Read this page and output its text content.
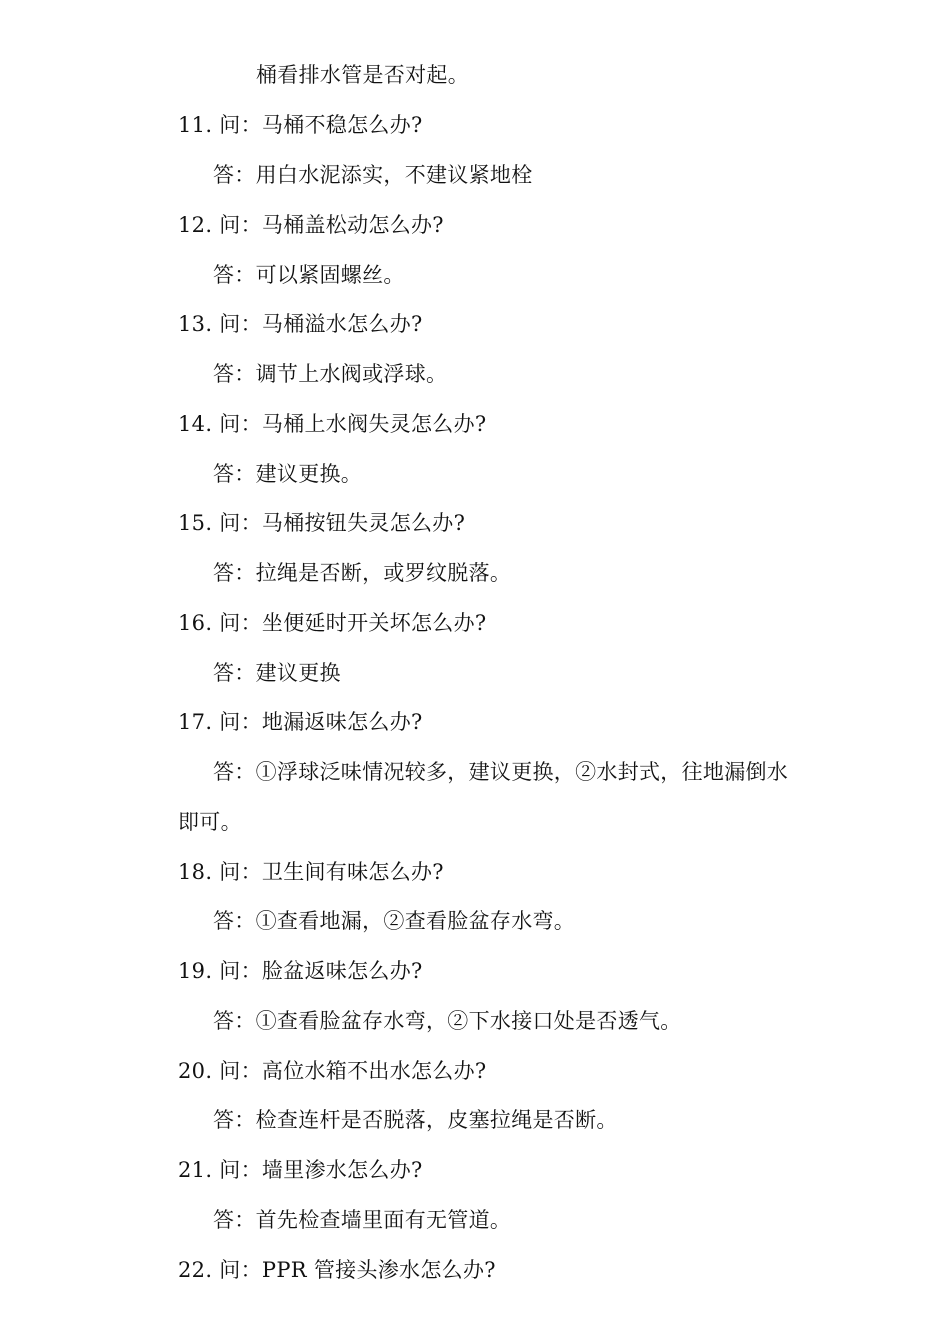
桶看排水管是否对起。
11. 问：马桶不稳怎么办?
答：用白水泥添实，不建议紧地栓
12. 问：马桶盖松动怎么办?
答：可以紧固螺丝。
13. 问：马桶溢水怎么办?
答：调节上水阀或浮球。
14. 问：马桶上水阀失灵怎么办?
答：建议更换。
15. 问：马桶按钮失灵怎么办?
答：拉绳是否断，或罗纹脱落。
16. 问：坐便延时开关坏怎么办?
答：建议更换
17. 问：地漏返味怎么办?
答：①浮球泛味情况较多，建议更换，②水封式，往地漏倒水
即可。
18. 问：卫生间有味怎么办?
答：①查看地漏，②查看脸盆存水弯。
19. 问：脸盆返味怎么办?
答：①查看脸盆存水弯，②下水接口处是否透气。
20. 问：高位水箱不出水怎么办?
答：检查连杆是否脱落，皮塞拉绳是否断。
21. 问：墙里渗水怎么办?
答：首先检查墙里面有无管道。
22. 问：PPR 管接头渗水怎么办?
